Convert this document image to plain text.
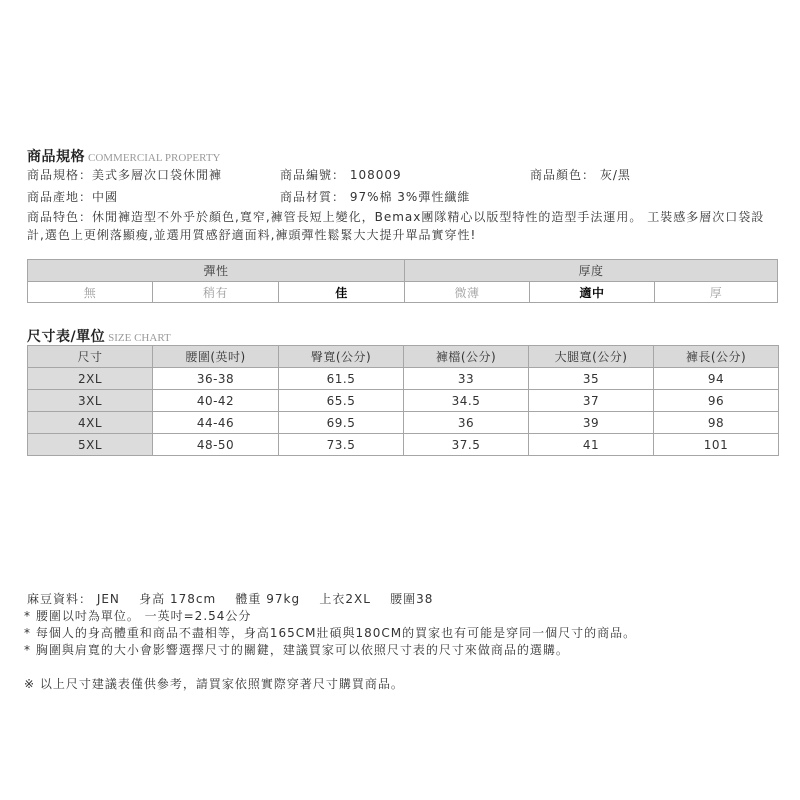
商品規格 COMMERCIAL PROPERTY
商品規格：美式多層次口袋休閒褲	商品編號： 108009	商品顏色： 灰/黑
商品產地：中國	商品材質： 97%棉 3%彈性纖維
商品特色：休閒褲造型不外乎於顏色,寬窄,褲管長短上變化，Bemax團隊精心以版型特性的造型手法運用。 工裝感多層次口袋設計,選色上更俐落顯瘦,並選用質感舒適面料,褲頭彈性鬆緊大大提升單品實穿性!
彈性
無	稍有	佳
厚度
微薄	適中	厚
尺寸表/單位 SIZE CHART
尺寸	腰圍(英吋)	臀寬(公分)	褲檔(公分)	大腿寬(公分)	褲長(公分)
2XL	36-38	61.5	33	35	94
3XL	40-42	65.5	34.5	37	96
4XL	44-46	69.5	36	39	98
5XL	48-50	73.5	37.5	41	101
麻豆資料： JEN    身高 178cm    體重 97kg    上衣2XL    腰圍38
* 腰圍以吋為單位。 一英吋=2.54公分
* 每個人的身高體重和商品不盡相等，身高165CM壯碩與180CM的買家也有可能是穿同一個尺寸的商品。
* 胸圍與肩寬的大小會影響選擇尺寸的關鍵，建議買家可以依照尺寸表的尺寸來做商品的選購。
※ 以上尺寸建議表僅供參考，請買家依照實際穿著尺寸購買商品。
